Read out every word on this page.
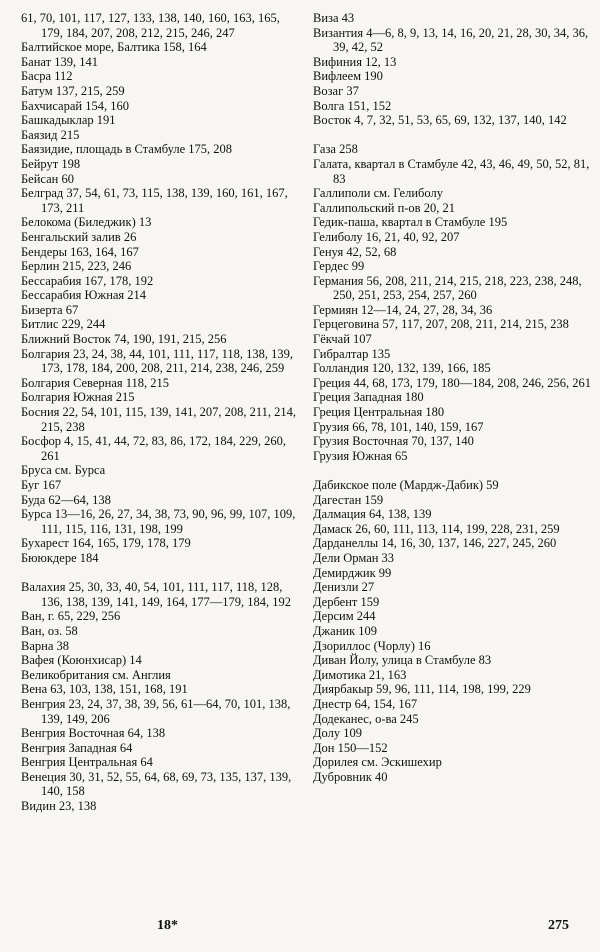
61, 70, 101, 117, 127, 133, 138, 140, 160, 163, 165, 179, 184, 207, 208, 212, 215, 246, 247
Балтийское море, Балтика 158, 164
Банат 139, 141
Басра 112
Батум 137, 215, 259
Бахчисарай 154, 160
Башкадыклар 191
Баязид 215
Баязидие, площадь в Стамбуле 175, 208
Бейрут 198
Бейсан 60
Белград 37, 54, 61, 73, 115, 138, 139, 160, 161, 167, 173, 211
Белокома (Биледжик) 13
Бенгальский залив 26
Бендеры 163, 164, 167
Берлин 215, 223, 246
Бессарабия 167, 178, 192
Бессарабия Южная 214
Бизерта 67
Битлис 229, 244
Ближний Восток 74, 190, 191, 215, 256
Болгария 23, 24, 38, 44, 101, 111, 117, 118, 138, 139, 173, 178, 184, 200, 208, 211, 214, 238, 246, 259
Болгария Северная 118, 215
Болгария Южная 215
Босния 22, 54, 101, 115, 139, 141, 207, 208, 211, 214, 215, 238
Босфор 4, 15, 41, 44, 72, 83, 86, 172, 184, 229, 260, 261
Бруса см. Бурса
Буг 167
Буда 62—64, 138
Бурса 13—16, 26, 27, 34, 38, 73, 90, 96, 99, 107, 109, 111, 115, 116, 131, 198, 199
Бухарест 164, 165, 179, 178, 179
Бююкдере 184
Валахия 25, 30, 33, 40, 54, 101, 111, 117, 118, 128, 136, 138, 139, 141, 149, 164, 177—179, 184, 192
Ван, г. 65, 229, 256
Ван, оз. 58
Варна 38
Вафея (Коюнхисар) 14
Великобритания см. Англия
Вена 63, 103, 138, 151, 168, 191
Венгрия 23, 24, 37, 38, 39, 56, 61—64, 70, 101, 138, 139, 149, 206
Венгрия Восточная 64, 138
Венгрия Западная 64
Венгрия Центральная 64
Венеция 30, 31, 52, 55, 64, 68, 69, 73, 135, 137, 139, 140, 158
Видин 23, 138
Виза 43
Византия 4—6, 8, 9, 13, 14, 16, 20, 21, 28, 30, 34, 36, 39, 42, 52
Вифиния 12, 13
Вифлеем 190
Возаг 37
Волга 151, 152
Восток 4, 7, 32, 51, 53, 65, 69, 132, 137, 140, 142
Газа 258
Галата, квартал в Стамбуле 42, 43, 46, 49, 50, 52, 81, 83
Галлиполи см. Гелиболу
Галлипольский п-ов 20, 21
Гедик-паша, квартал в Стамбуле 195
Гелиболу 16, 21, 40, 92, 207
Генуя 42, 52, 68
Гердес 99
Германия 56, 208, 211, 214, 215, 218, 223, 238, 248, 250, 251, 253, 254, 257, 260
Гермиян 12—14, 24, 27, 28, 34, 36
Герцеговина 57, 117, 207, 208, 211, 214, 215, 238
Гёкчай 107
Гибралтар 135
Голландия 120, 132, 139, 166, 185
Греция 44, 68, 173, 179, 180—184, 208, 246, 256, 261
Греция Западная 180
Греция Центральная 180
Грузия 66, 78, 101, 140, 159, 167
Грузия Восточная 70, 137, 140
Грузия Южная 65
Дабикское поле (Мардж-Дабик) 59
Дагестан 159
Далмация 64, 138, 139
Дамаск 26, 60, 111, 113, 114, 199, 228, 231, 259
Дарданеллы 14, 16, 30, 137, 146, 227, 245, 260
Дели Орман 33
Демирджик 99
Денизли 27
Дербент 159
Дерсим 244
Джаник 109
Дзориллос (Чорлу) 16
Диван Йолу, улица в Стамбуле 83
Димотика 21, 163
Диярбакыр 59, 96, 111, 114, 198, 199, 229
Днестр 64, 154, 167
Додеканес, о-ва 245
Долу 109
Дон 150—152
Дорилея см. Эскишехир
Дубровник 40
18*	275
